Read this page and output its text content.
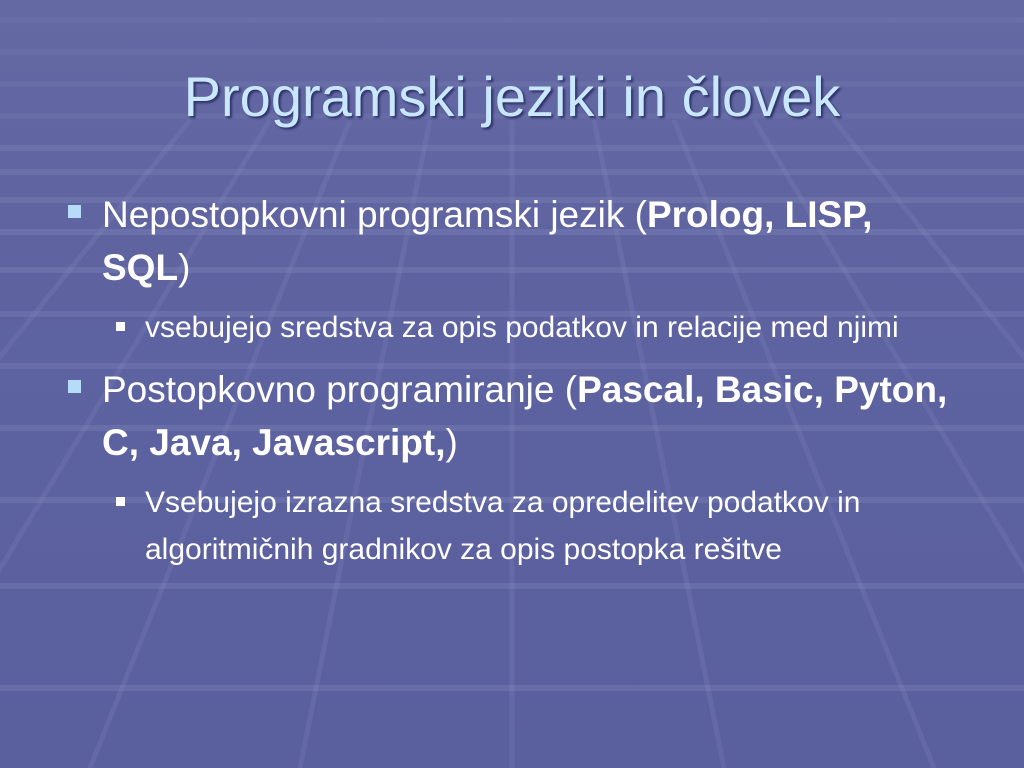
Programski jeziki in človek
Nepostopkovni programski jezik (Prolog, LISP, SQL)
vsebujejo sredstva za opis podatkov in relacije med njimi
Postopkovno programiranje (Pascal, Basic, Pyton, C, Java, Javascript,)
Vsebujejo izrazna sredstva za opredelitev podatkov in algoritmičnih gradnikov za opis postopka rešitve
